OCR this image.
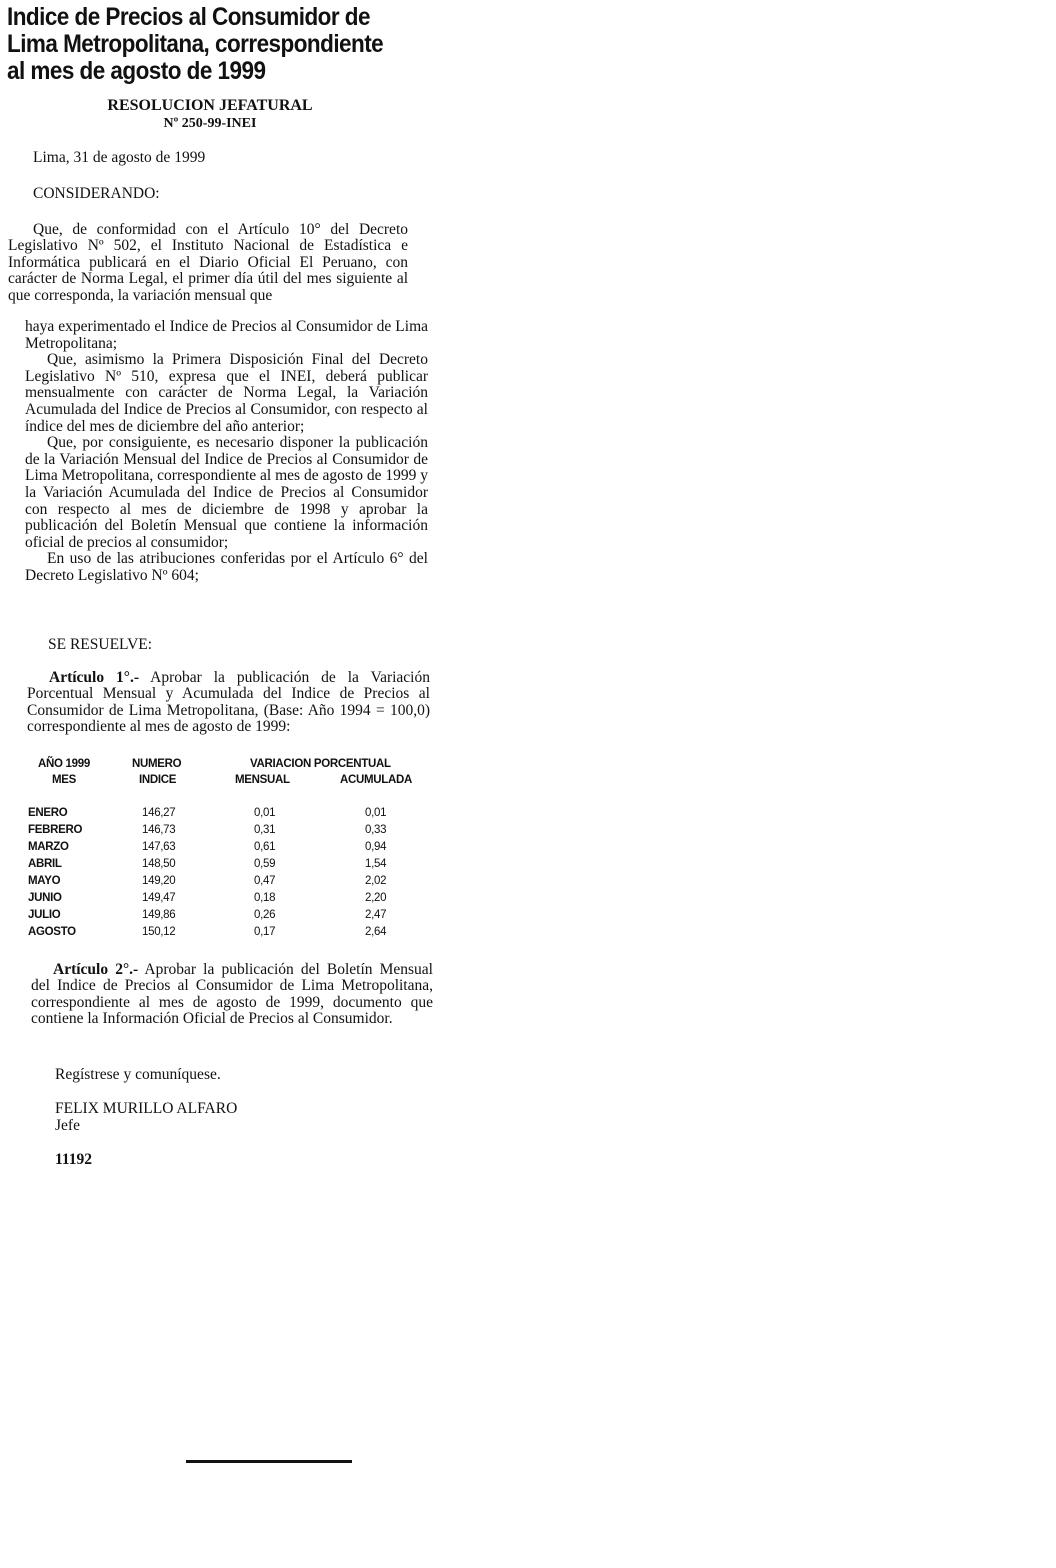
Indice de Precios al Consumidor de Lima Metropolitana, correspondiente al mes de agosto de 1999
RESOLUCION JEFATURAL
Nº 250-99-INEI

Lima, 31 de agosto de 1999

CONSIDERANDO:

Que, de conformidad con el Artículo 10° del Decreto Legislativo Nº 502, el Instituto Nacional de Estadística e Informática publicará en el Diario Oficial El Peruano, con carácter de Norma Legal, el primer día útil del mes siguiente al que corresponda, la variación mensual que

haya experimentado el Indice de Precios al Consumidor de Lima Metropolitana;

Que, asimismo la Primera Disposición Final del Decreto Legislativo Nº 510, expresa que el INEI, deberá publicar mensualmente con carácter de Norma Legal, la Variación Acumulada del Indice de Precios al Consumidor, con respecto al índice del mes de diciembre del año anterior;

Que, por consiguiente, es necesario disponer la publicación de la Variación Mensual del Indice de Precios al Consumidor de Lima Metropolitana, correspondiente al mes de agosto de 1999 y la Variación Acumulada del Indice de Precios al Consumidor con respecto al mes de diciembre de 1998 y aprobar la publicación del Boletín Mensual que contiene la información oficial de precios al consumidor;

En uso de las atribuciones conferidas por el Artículo 6° del Decreto Legislativo Nº 604;

SE RESUELVE:

Artículo 1°.- Aprobar la publicación de la Variación Porcentual Mensual y Acumulada del Indice de Precios al Consumidor de Lima Metropolitana, (Base: Año 1994 = 100,0) correspondiente al mes de agosto de 1999:

AÑO 1999
MES
NUMERO
INDICE
VARIACION PORCENTUAL
MENSUAL	ACUMULADA
ENERO	146,27	0,01	0,01
FEBRERO	146,73	0,31	0,33
MARZO	147,63	0,61	0,94
ABRIL	148,50	0,59	1,54
MAYO	149,20	0,47	2,02
JUNIO	149,47	0,18	2,20
JULIO	149,86	0,26	2,47
AGOSTO	150,12	0,17	2,64

Artículo 2°.- Aprobar la publicación del Boletín Mensual del Indice de Precios al Consumidor de Lima Metropolitana, correspondiente al mes de agosto de 1999, documento que contiene la Información Oficial de Precios al Consumidor.

Regístrese y comuníquese.

FELIX MURILLO ALFARO

Jefe

11192
